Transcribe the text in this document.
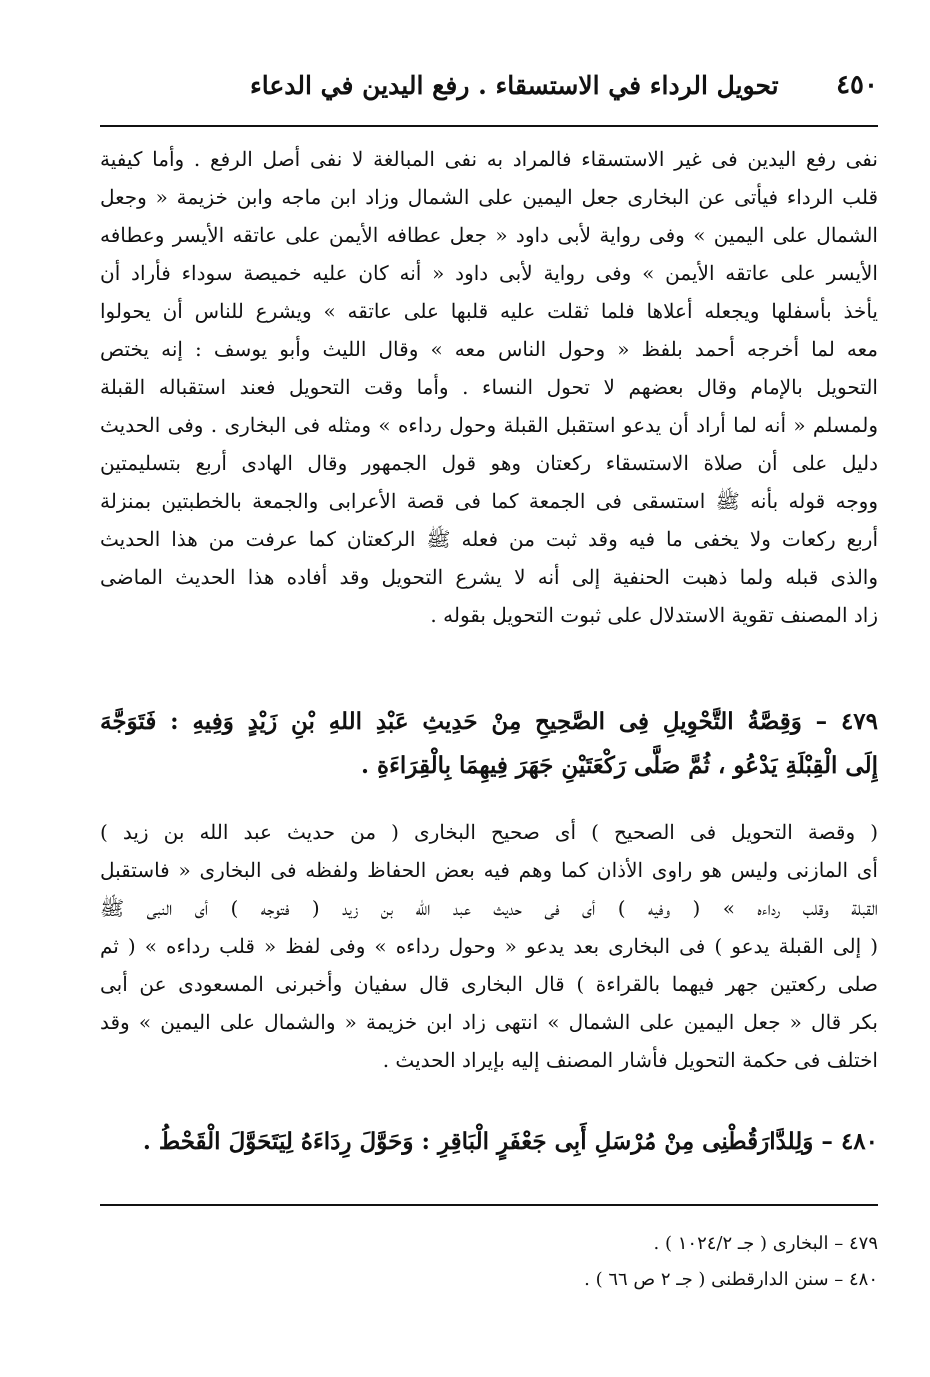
٤٥٠
تحويل الرداء في الاستسقاء . رفع اليدين في الدعاء
نفى رفع اليدين فى غير الاستسقاء فالمراد به نفى المبالغة لا نفى أصل الرفع . وأما كيفية
قلب الرداء فيأتى عن البخارى جعل اليمين على الشمال وزاد ابن ماجه وابن خزيمة « وجعل
الشمال على اليمين » وفى رواية لأبى داود « جعل عطافه الأيمن على عاتقه الأيسر وعطافه
الأيسر على عاتقه الأيمن » وفى رواية لأبى داود « أنه كان عليه خميصة سوداء فأراد أن
يأخذ بأسفلها ويجعله أعلاها فلما ثقلت عليه قلبها على عاتقه » ويشرع للناس أن يحولوا
معه لما أخرجه أحمد بلفظ « وحول الناس معه » وقال الليث وأبو يوسف : إنه يختص
التحويل بالإمام وقال بعضهم لا تحول النساء . وأما وقت التحويل فعند استقباله القبلة
ولمسلم « أنه لما أراد أن يدعو استقبل القبلة وحول رداءه » ومثله فى البخارى . وفى الحديث
دليل على أن صلاة الاستسقاء ركعتان وهو قول الجمهور وقال الهادى أربع بتسليمتين
ووجه قوله بأنه ﷺ استسقى فى الجمعة كما فى قصة الأعرابى والجمعة بالخطبتين بمنزلة
أربع ركعات ولا يخفى ما فيه وقد ثبت من فعله ﷺ الركعتان كما عرفت من هذا الحديث
والذى قبله ولما ذهبت الحنفية إلى أنه لا يشرع التحويل وقد أفاده هذا الحديث الماضى
زاد المصنف تقوية الاستدلال على ثبوت التحويل بقوله .
٤٧٩ – وَقِصَّةُ التَّحْوِيلِ فِى الصَّحِيحِ مِنْ حَدِيثِ عَبْدِ اللهِ بْنِ زَيْدٍ وَفِيهِ : فَتَوَجَّهَ
إِلَى الْقِبْلَةِ يَدْعُو ، ثُمَّ صَلَّى رَكْعَتَيْنِ جَهَرَ فِيهِمَا بِالْقِرَاءَةِ .
( وقصة التحويل فى الصحيح ) أى صحيح البخارى ( من حديث عبد الله بن زيد )
أى المازنى وليس هو راوى الأذان كما وهم فيه بعض الحفاظ ولفظه فى البخارى « فاستقبل
القبلة وقلب رداءه » ( وفيه ) أى فى حديث عبد الله بن زيد ( فتوجه ) أى النبى ﷺ
( إلى القبلة يدعو ) فى البخارى بعد يدعو « وحول رداءه » وفى لفظ « قلب رداءه » ( ثم
صلى ركعتين جهر فيهما بالقراءة ) قال البخارى قال سفيان وأخبرنى المسعودى عن أبى
بكر قال « جعل اليمين على الشمال » انتهى زاد ابن خزيمة « والشمال على اليمين » وقد
اختلف فى حكمة التحويل فأشار المصنف إليه بإيراد الحديث .
٤٨٠ – وَلِلدَّارَقُطْنِى مِنْ مُرْسَلِ أَبِى جَعْفَرٍ الْبَاقِرِ : وَحَوَّلَ رِدَاءَهُ لِيَتَحَوَّلَ الْقَحْطُ .
٤٧٩ – البخارى ( جـ ١٠٢٤/٢ ) .
٤٨٠ – سنن الدارقطنى ( جـ ٢ ص ٦٦ ) .
